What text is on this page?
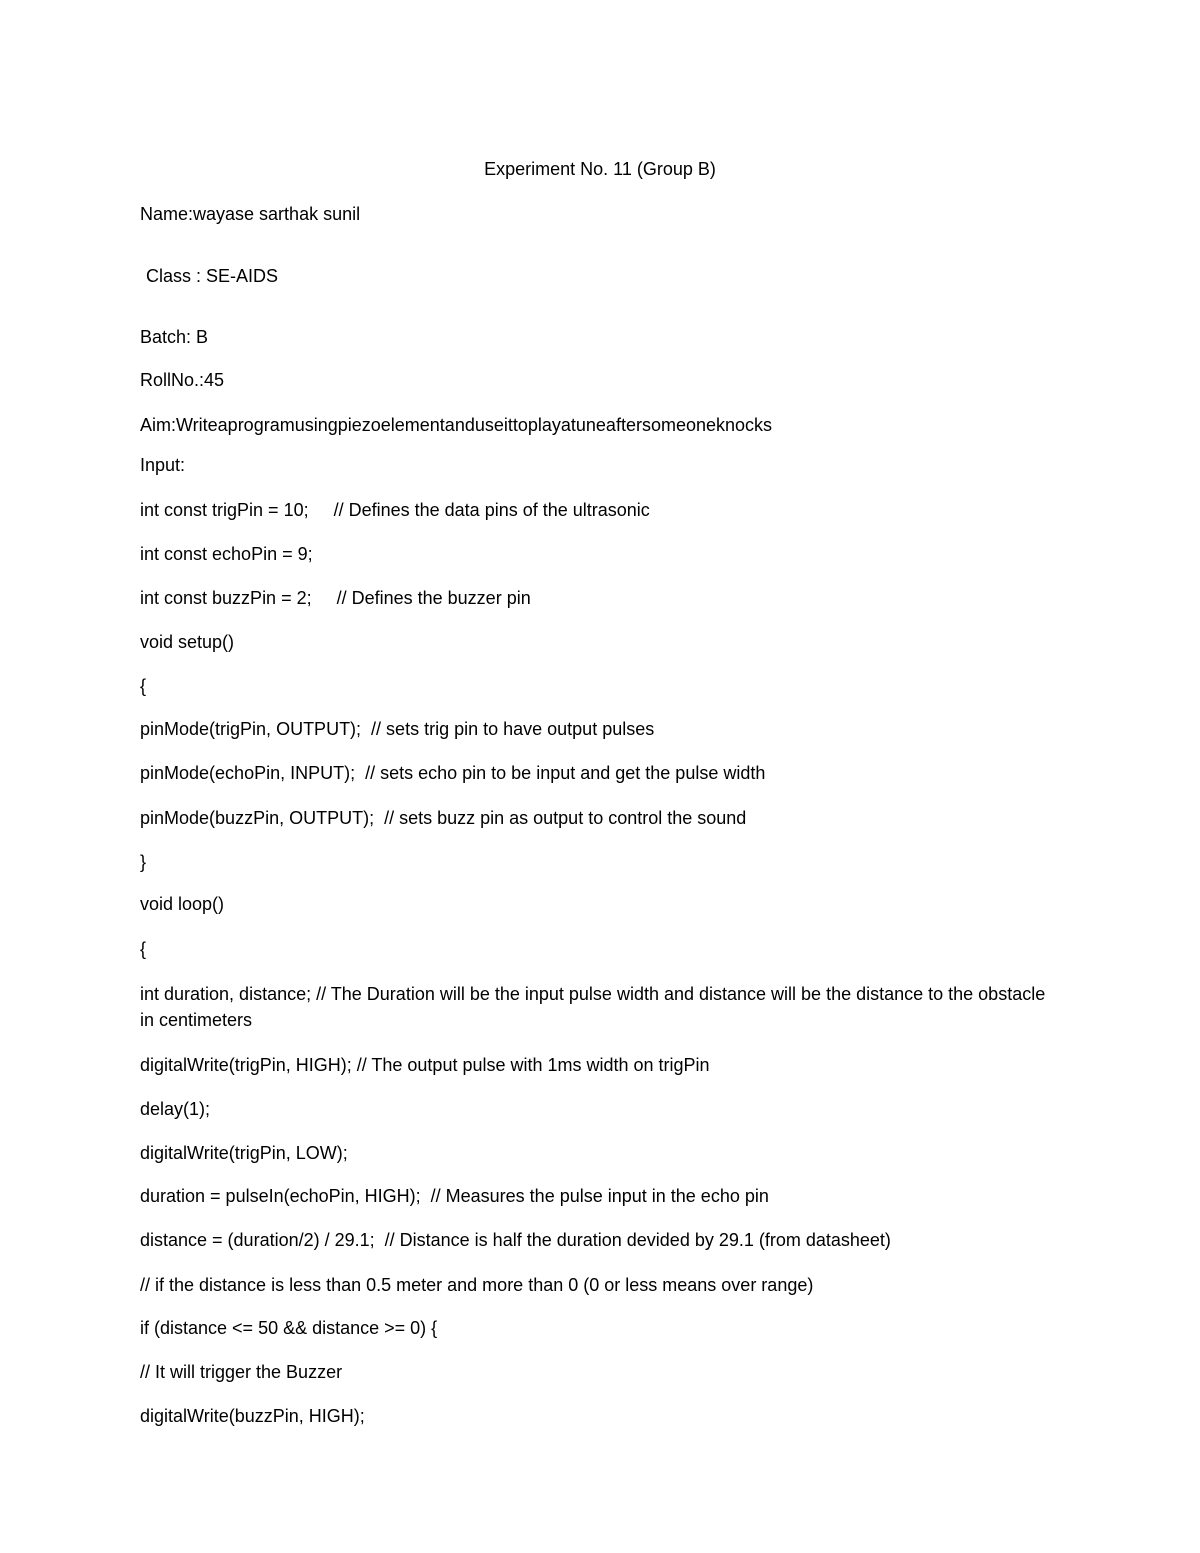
Experiment No. 11 (Group B)
Name:wayase sarthak sunil
Class : SE-AIDS
Batch: B
RollNo.:45
Aim:Writeaprogramusingpiezoelementanduseittoplayatuneaftersomeoneknocks
Input:
int const trigPin = 10;     // Defines the data pins of the ultrasonic
int const echoPin = 9;
int const buzzPin = 2;     // Defines the buzzer pin
void setup()
{
pinMode(trigPin, OUTPUT);  // sets trig pin to have output pulses
pinMode(echoPin, INPUT);  // sets echo pin to be input and get the pulse width
pinMode(buzzPin, OUTPUT);  // sets buzz pin as output to control the sound
}
void loop()
{
int duration, distance; // The Duration will be the input pulse width and distance will be the distance to the obstacle in centimeters
digitalWrite(trigPin, HIGH); // The output pulse with 1ms width on trigPin
delay(1);
digitalWrite(trigPin, LOW);
duration = pulseIn(echoPin, HIGH);  // Measures the pulse input in the echo pin
distance = (duration/2) / 29.1;  // Distance is half the duration devided by 29.1 (from datasheet)
// if the distance is less than 0.5 meter and more than 0 (0 or less means over range)
if (distance <= 50 && distance >= 0) {
// It will trigger the Buzzer
digitalWrite(buzzPin, HIGH);
